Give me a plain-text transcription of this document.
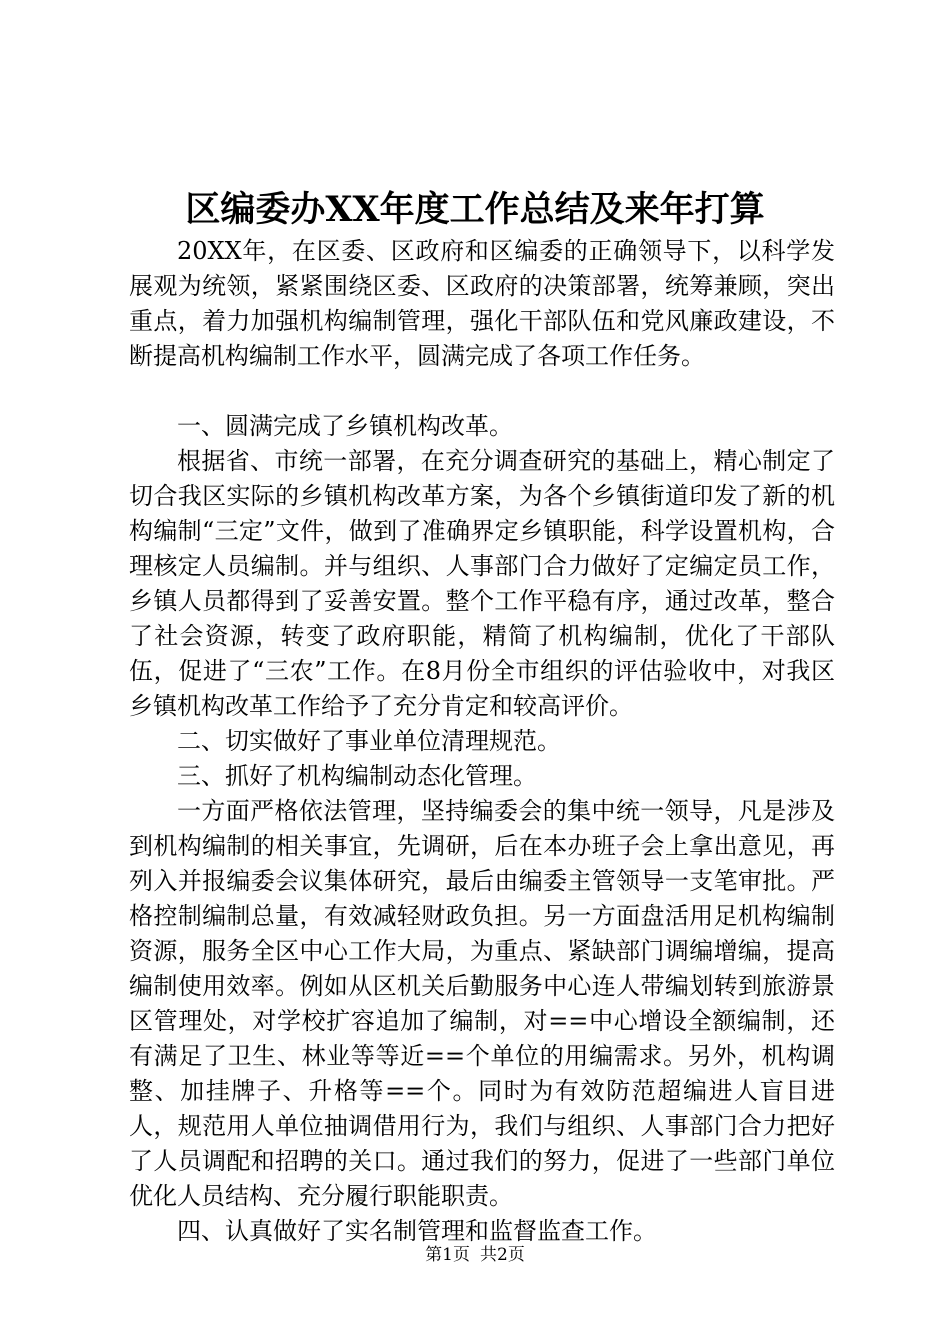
区编委办XX年度工作总结及来年打算

20XX年，在区委、区政府和区编委的正确领导下，以科学发展观为统领，紧紧围绕区委、区政府的决策部署，统筹兼顾，突出重点，着力加强机构编制管理，强化干部队伍和党风廉政建设，不断提高机构编制工作水平，圆满完成了各项工作任务。

一、圆满完成了乡镇机构改革。

根据省、市统一部署，在充分调查研究的基础上，精心制定了切合我区实际的乡镇机构改革方案，为各个乡镇街道印发了新的机构编制“三定”文件，做到了准确界定乡镇职能，科学设置机构，合理核定人员编制。并与组织、人事部门合力做好了定编定员工作，乡镇人员都得到了妥善安置。整个工作平稳有序，通过改革，整合了社会资源，转变了政府职能，精简了机构编制，优化了干部队伍，促进了“三农”工作。在8月份全市组织的评估验收中，对我区乡镇机构改革工作给予了充分肯定和较高评价。

二、切实做好了事业单位清理规范。

三、抓好了机构编制动态化管理。

一方面严格依法管理，坚持编委会的集中统一领导，凡是涉及到机构编制的相关事宜，先调研，后在本办班子会上拿出意见，再列入并报编委会议集体研究，最后由编委主管领导一支笔审批。严格控制编制总量，有效减轻财政负担。另一方面盘活用足机构编制资源，服务全区中心工作大局，为重点、紧缺部门调编增编，提高编制使用效率。例如从区机关后勤服务中心连人带编划转到旅游景区管理处，对学校扩容追加了编制，对==中心增设全额编制，还有满足了卫生、林业等等近==个单位的用编需求。另外，机构调整、加挂牌子、升格等==个。同时为有效防范超编进人盲目进人，规范用人单位抽调借用行为，我们与组织、人事部门合力把好了人员调配和招聘的关口。通过我们的努力，促进了一些部门单位优化人员结构、充分履行职能职责。

四、认真做好了实名制管理和监督监查工作。

第1页 共2页
